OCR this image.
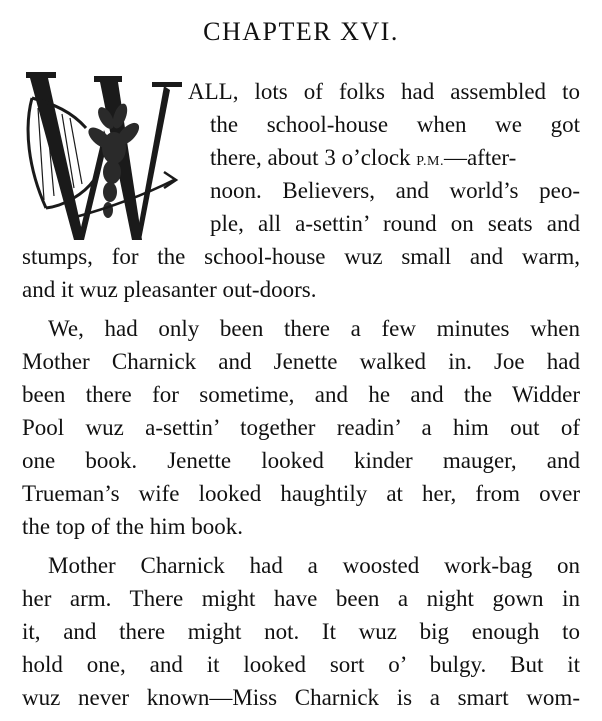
CHAPTER XVI.
ALL, lots of folks had assembled to
the school-house when we got
there, about 3 o’clock P.M.—after-
noon. Believers, and world’s peo-
ple, all a-settin’ round on seats and
stumps, for the school-house wuz small and warm,
and it wuz pleasanter out-doors.
We, had only been there a few minutes when
Mother Charnick and Jenette walked in. Joe had
been there for sometime, and he and the Widder
Pool wuz a-settin’ together readin’ a him out of
one book. Jenette looked kinder mauger, and
Trueman’s wife looked haughtily at her, from over
the top of the him book.
Mother Charnick had a woosted work-bag on
her arm. There might have been a night gown in
it, and there might not. It wuz big enough to
hold one, and it looked sort o’ bulgy. But it
wuz never known—Miss Charnick is a smart wom-
